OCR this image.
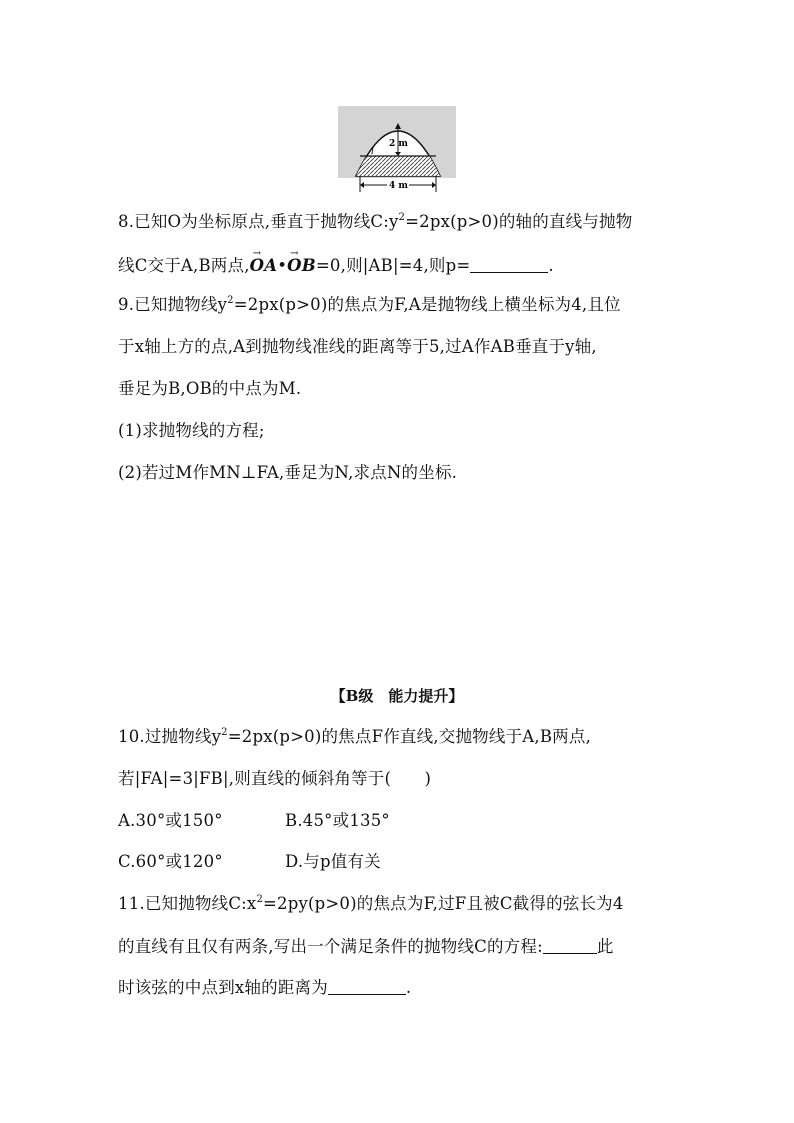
2 m
l
4 m
8.已知O为坐标原点,垂直于抛物线$C:y^2=2px(p>0)$的轴的直线与抛物
线C交于A,B两点,→ OA•→ OB=0,则|AB|=4,则p=	.
9.已知抛物线$y^2=2px(p>0)$的焦点为F,A是抛物线上横坐标为4,且位
于x轴上方的点,A到抛物线准线的距离等于5,过A作AB垂直于y轴,
垂足为B,OB的中点为M.
(1)求抛物线的方程;
(2)若过M作MN⊥FA,垂足为N,求点N的坐标.
【B级　能力提升】
10.过抛物线$y^2=2px(p>0)$的焦点F作直线,交抛物线于A,B两点,
若|FA|=3|FB|,则直线的倾斜角等于(　　)
A.30°或150°	B.45°或135°
C.60°或120°	D.与p值有关
11.已知抛物线$C:x^2=2py(p>0)$的焦点为F,过F且被C截得的弦长为4
的直线有且仅有两条,写出一个满足条件的抛物线C的方程:	此
时该弦的中点到x轴的距离为	.
